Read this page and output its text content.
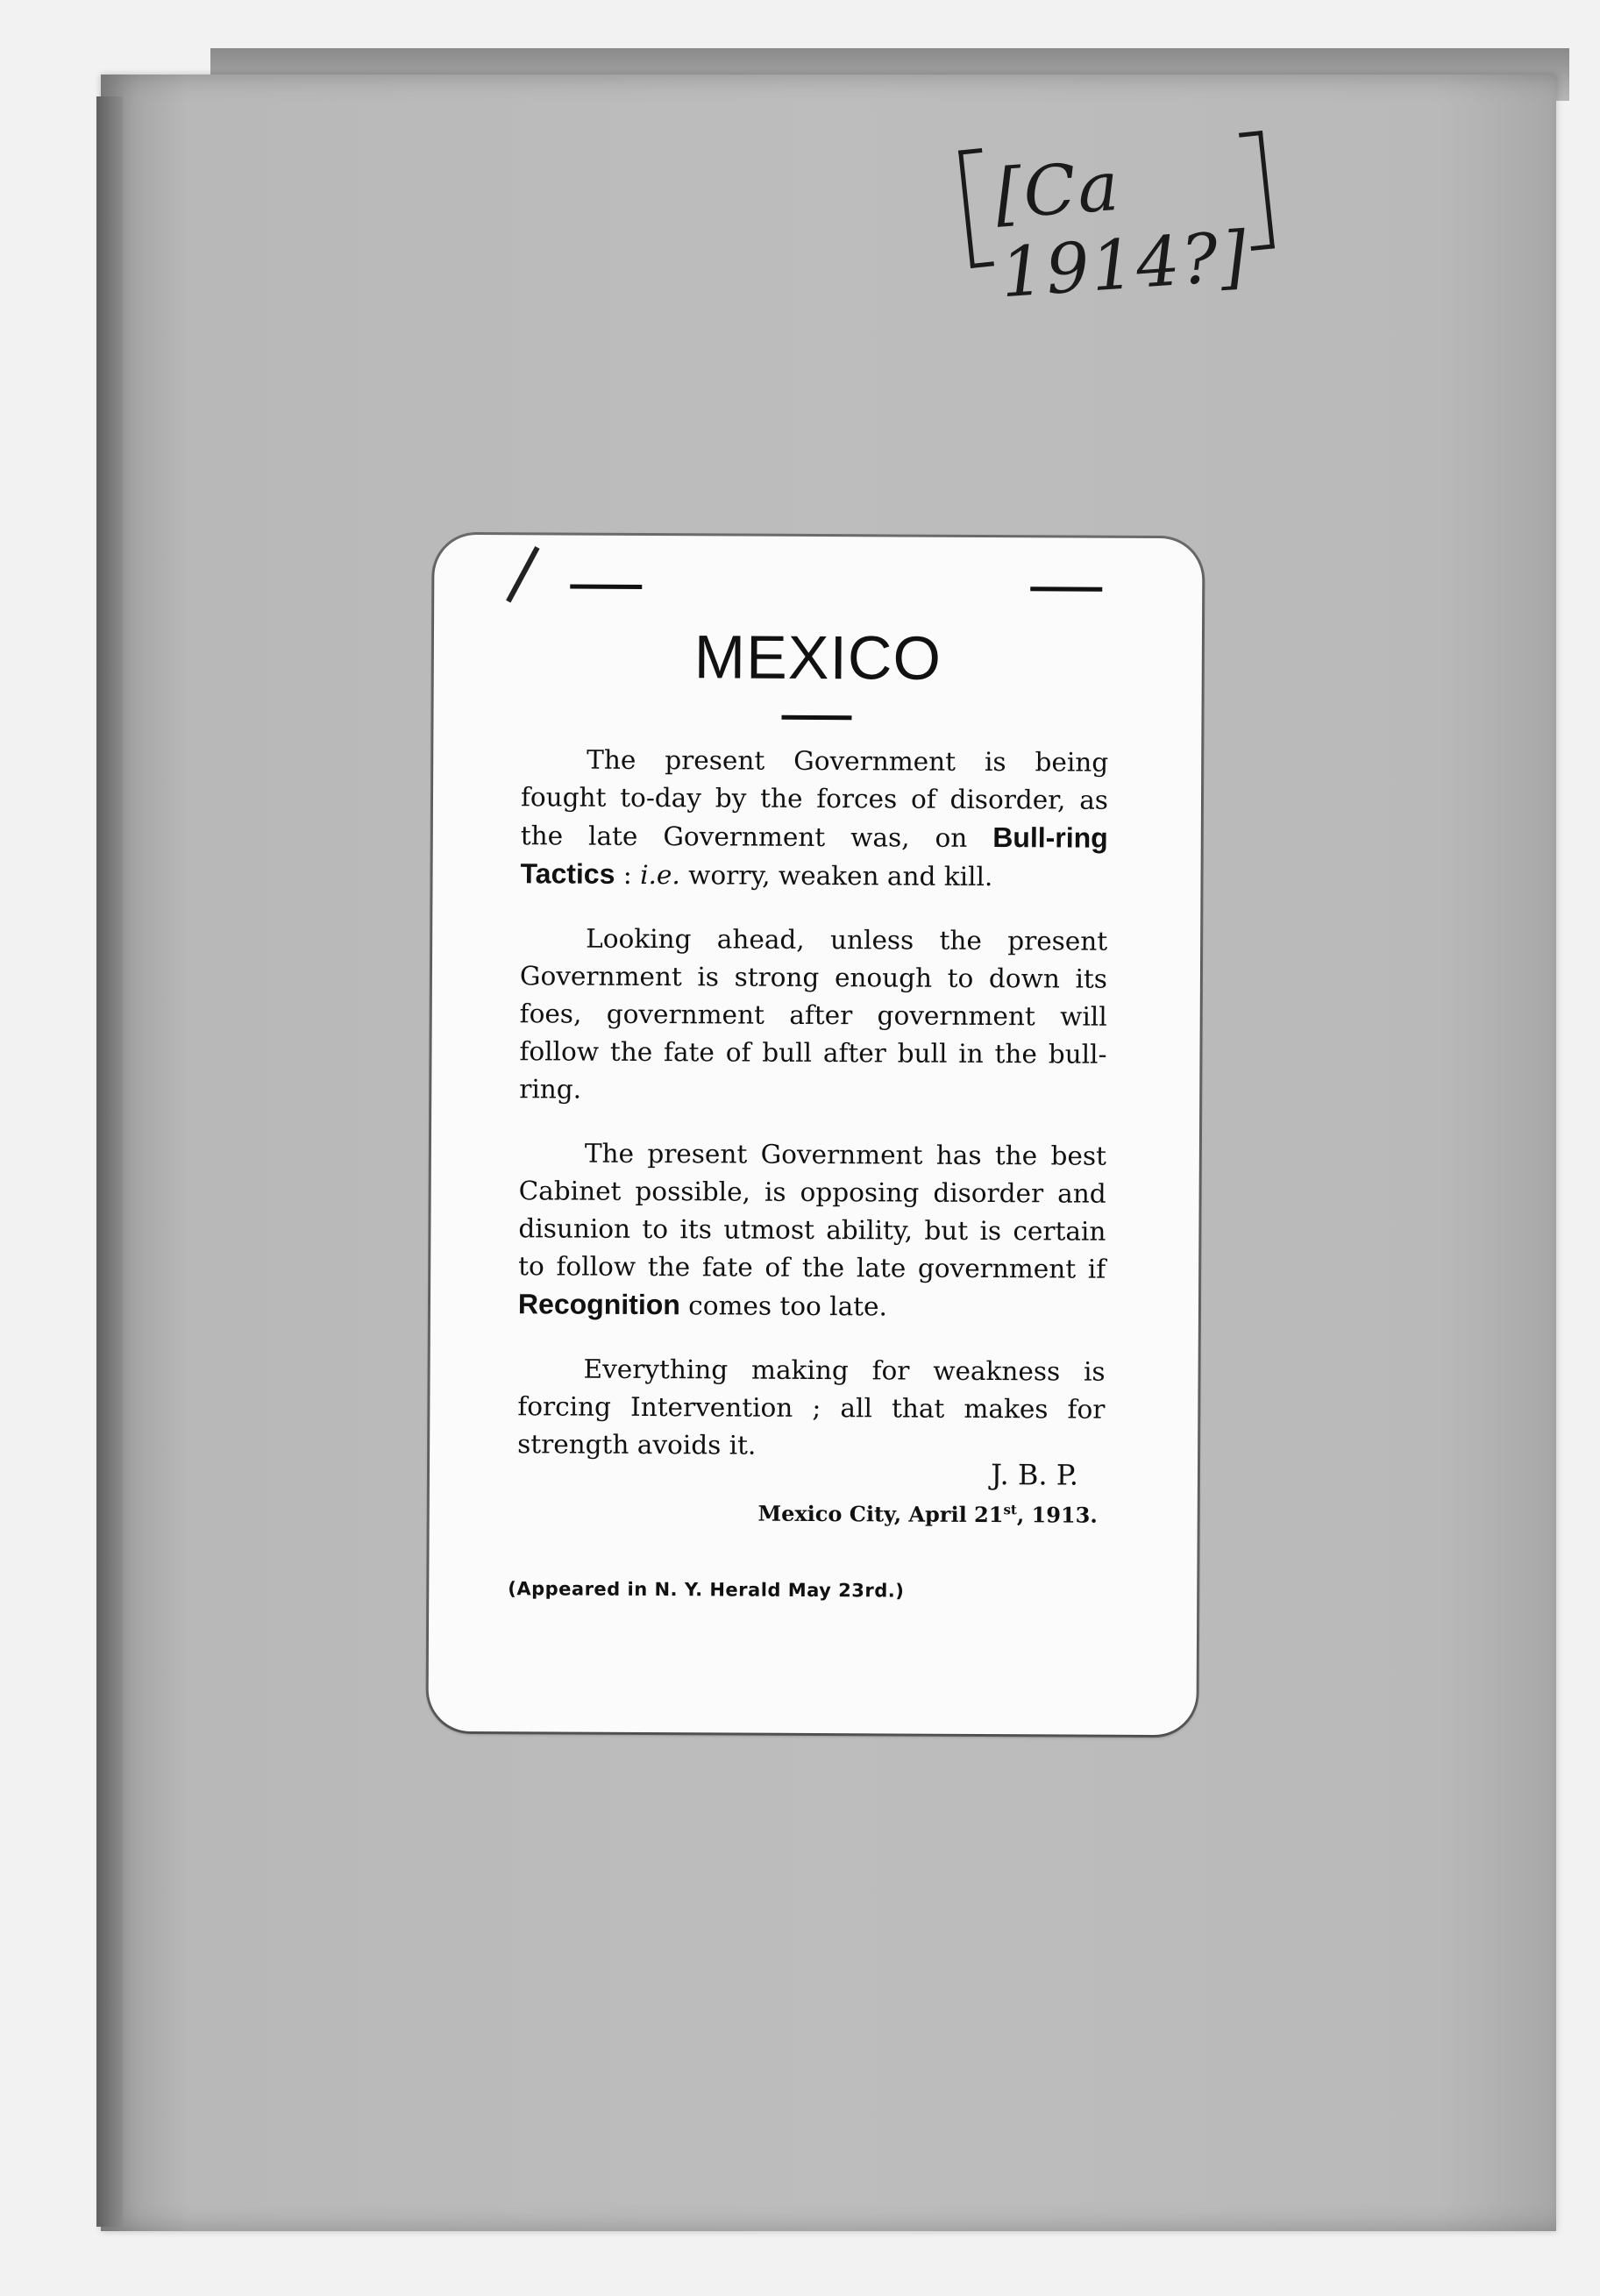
[Ca 1914?]
MEXICO

The present Government is being fought to-day by the forces of disorder, as the late Government was, on Bull-ring Tactics : i.e. worry, weaken and kill.

Looking ahead, unless the present Government is strong enough to down its foes, government after government will follow the fate of bull after bull in the bull-ring.

The present Government has the best Cabinet possible, is opposing disorder and disunion to its utmost ability, but is certain to follow the fate of the late government if Recognition comes too late.

Everything making for weakness is forcing Intervention ; all that makes for strength avoids it.

J. B. P.
Mexico City, April 21st, 1913.
(Appeared in N. Y. Herald May 23rd.)
